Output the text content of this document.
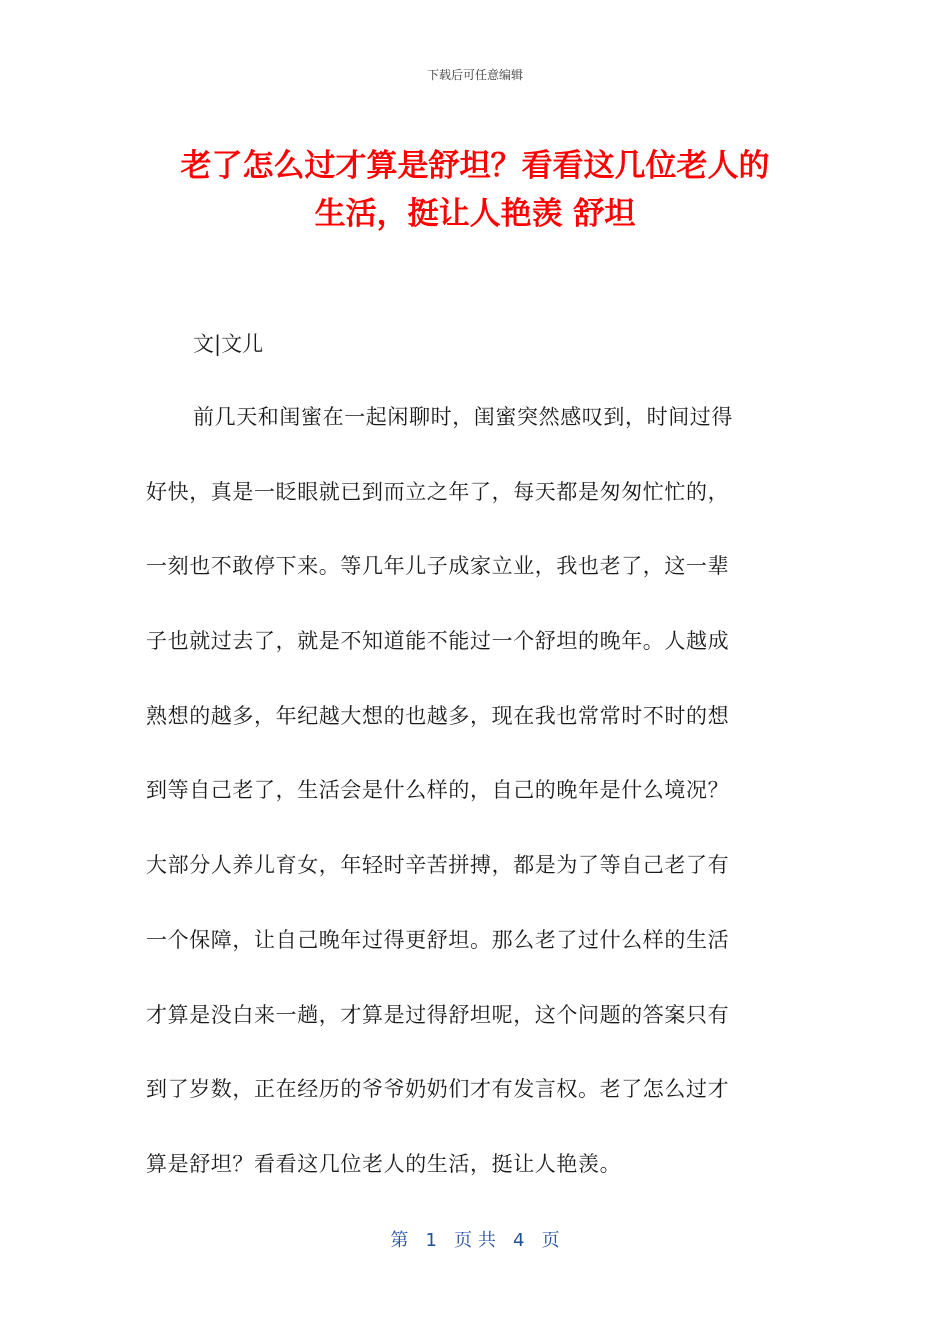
下载后可任意编辑
老了怎么过才算是舒坦？看看这几位老人的
生活，挺让人艳羡 舒坦
文|文儿
前几天和闺蜜在一起闲聊时，闺蜜突然感叹到，时间过得
好快，真是一眨眼就已到而立之年了，每天都是匆匆忙忙的，
一刻也不敢停下来。等几年儿子成家立业，我也老了，这一辈
子也就过去了，就是不知道能不能过一个舒坦的晚年。人越成
熟想的越多，年纪越大想的也越多，现在我也常常时不时的想
到等自己老了，生活会是什么样的，自己的晚年是什么境况？
大部分人养儿育女，年轻时辛苦拼搏，都是为了等自己老了有
一个保障，让自己晚年过得更舒坦。那么老了过什么样的生活
才算是没白来一趟，才算是过得舒坦呢，这个问题的答案只有
到了岁数，正在经历的爷爷奶奶们才有发言权。老了怎么过才
算是舒坦？看看这几位老人的生活，挺让人艳羡。
第   1   页 共   4   页
